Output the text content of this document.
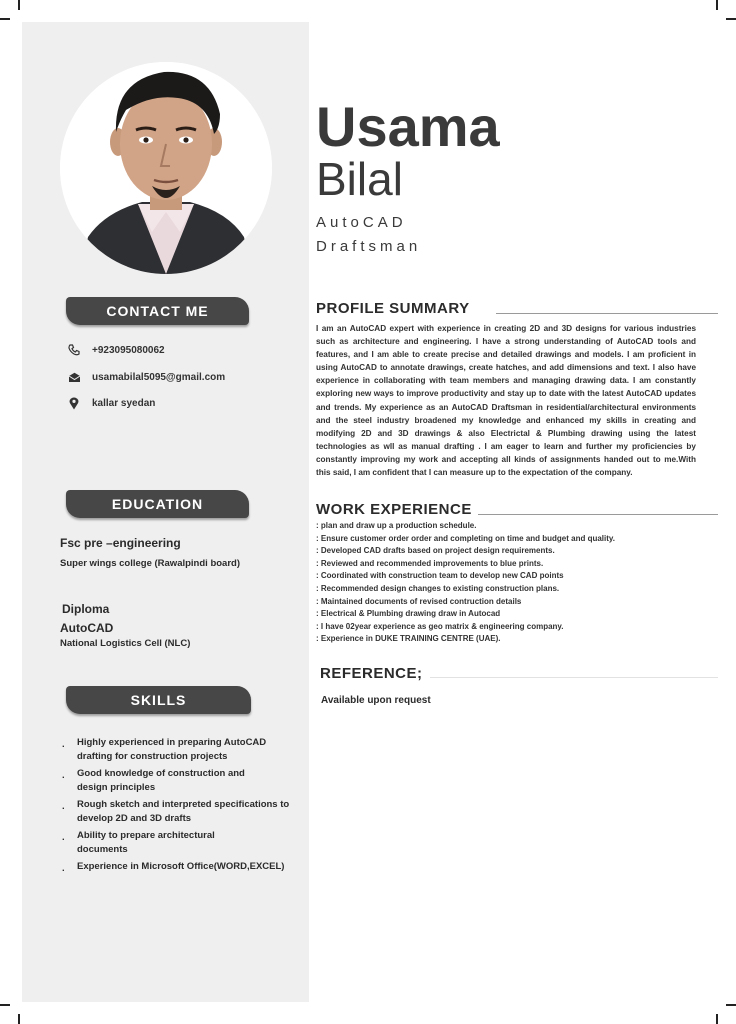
CONTACT ME
+923095080062
usamabilal5095@gmail.com
kallar syedan
EDUCATION
Fsc pre –engineering
Super wings college (Rawalpindi board)
Diploma
AutoCAD
National Logistics Cell (NLC)
SKILLS
. Highly experienced in preparing AutoCAD drafting for construction projects
. Good knowledge of construction and design principles
. Rough sketch and interpreted specifications to develop 2D and 3D drafts
. Ability to prepare architectural documents
. Experience in Microsoft Office(WORD,EXCEL)
Usama
Bilal
AutoCAD
Draftsman
PROFILE SUMMARY

I am an AutoCAD expert with experience in creating 2D and 3D designs for various industries such as architecture and engineering. I have a strong understanding of AutoCAD tools and features, and I am able to create precise and detailed drawings and models. I am proficient in using AutoCAD to annotate drawings, create hatches, and add dimensions and text. I also have experience in collaborating with team members and managing drawing data. I am constantly exploring new ways to improve productivity and stay up to date with the latest AutoCAD updates and trends. My experience as an AutoCAD Draftsman in residential/architectural environments and the steel industry broadened my knowledge and enhanced my skills in creating and modifying 2D and 3D drawings & also Electrictal & Plumbing drawing using the latest technologies as wll as manual drafting . I am eager to learn and further my proficiencies by constantly improving my work and accepting all kinds of assignments handed out to me.With this said, I am confident that I can measure up to the expectation of the company.

WORK EXPERIENCE
: plan and draw up a production schedule.
: Ensure customer order order and completing on time and budget and quality.
: Developed CAD drafts based on project design requirements.
: Reviewed and recommended improvements to blue prints.
: Coordinated with construction team to develop new CAD points
: Recommended design changes to existing construction plans.
: Maintained documents of revised contruction details
: Electrical & Plumbing drawing draw in Autocad
: I have 02year experience as geo matrix & engineering company.
: Experience in DUKE TRAINING CENTRE (UAE).
REFERENCE;
Available upon request
